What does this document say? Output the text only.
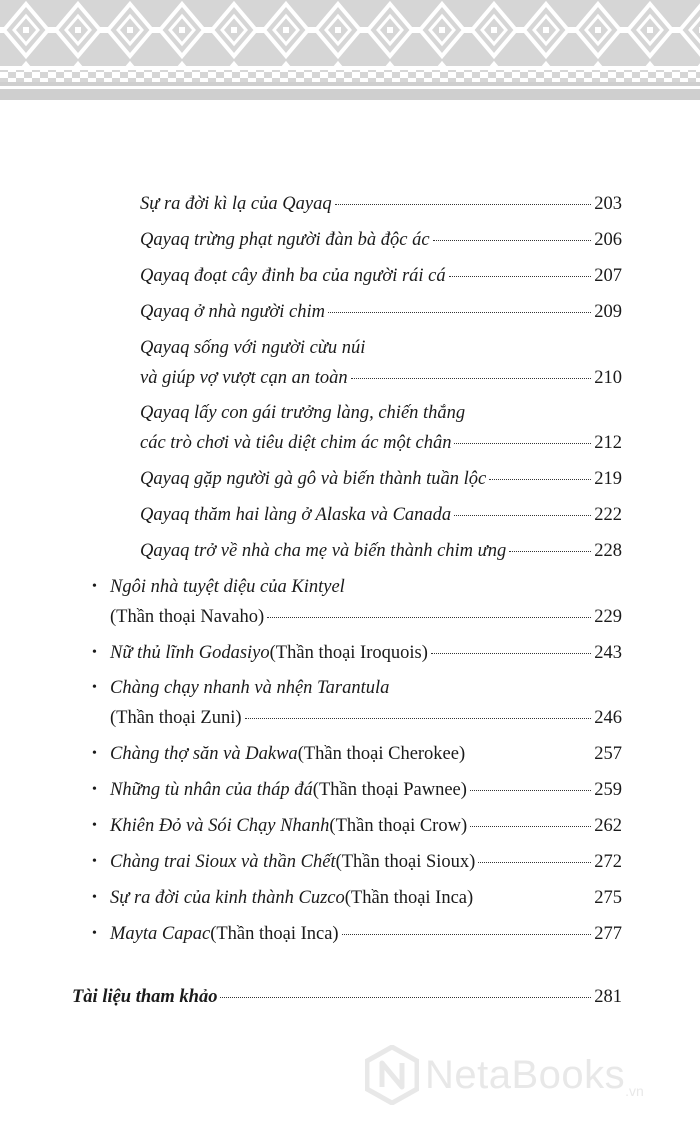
Sự ra đời kì lạ của Qayaq	203
Qayaq trừng phạt người đàn bà độc ác	206
Qayaq đoạt cây đinh ba của người rái cá	207
Qayaq ở nhà người chim	209
Qayaq sống với người cừu núi
và giúp vợ vượt cạn an toàn	210
Qayaq lấy con gái trưởng làng, chiến thắng
các trò chơi và tiêu diệt chim ác một chân	212
Qayaq gặp người gà gô và biến thành tuần lộc	219
Qayaq thăm hai làng ở Alaska và Canada	222
Qayaq trở về nhà cha mẹ và biến thành chim ưng	228
• Ngôi nhà tuyệt diệu của Kintyel
(Thần thoại Navaho)	229
• Nữ thủ lĩnh Godasiyo (Thần thoại Iroquois)	243
• Chàng chạy nhanh và nhện Tarantula
(Thần thoại Zuni)	246
• Chàng thợ săn và Dakwa (Thần thoại Cherokee)	257
• Những tù nhân của tháp đá (Thần thoại Pawnee)	259
• Khiên Đỏ và Sói Chạy Nhanh (Thần thoại Crow)	262
• Chàng trai Sioux và thần Chết (Thần thoại Sioux)	272
• Sự ra đời của kinh thành Cuzco (Thần thoại Inca)	275
• Mayta Capac (Thần thoại Inca)	277
Tài liệu tham khảo	281
NetaBooks .vn
